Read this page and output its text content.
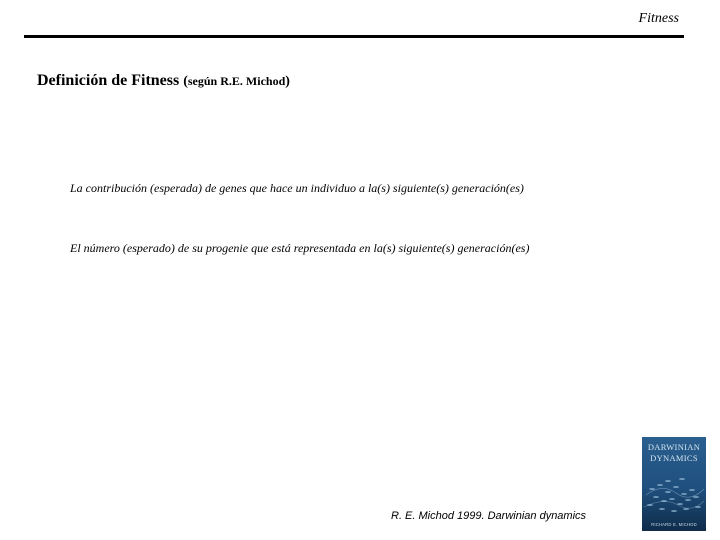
Fitness
Definición de Fitness (según R.E. Michod)
La contribución (esperada) de genes que hace un individuo a la(s) siguiente(s) generación(es)
El número (esperado) de su progenie que está representada en la(s) siguiente(s) generación(es)
R. E. Michod 1999. Darwinian dynamics
DARWINIAN
DYNAMICS
RICHARD E. MICHOD
